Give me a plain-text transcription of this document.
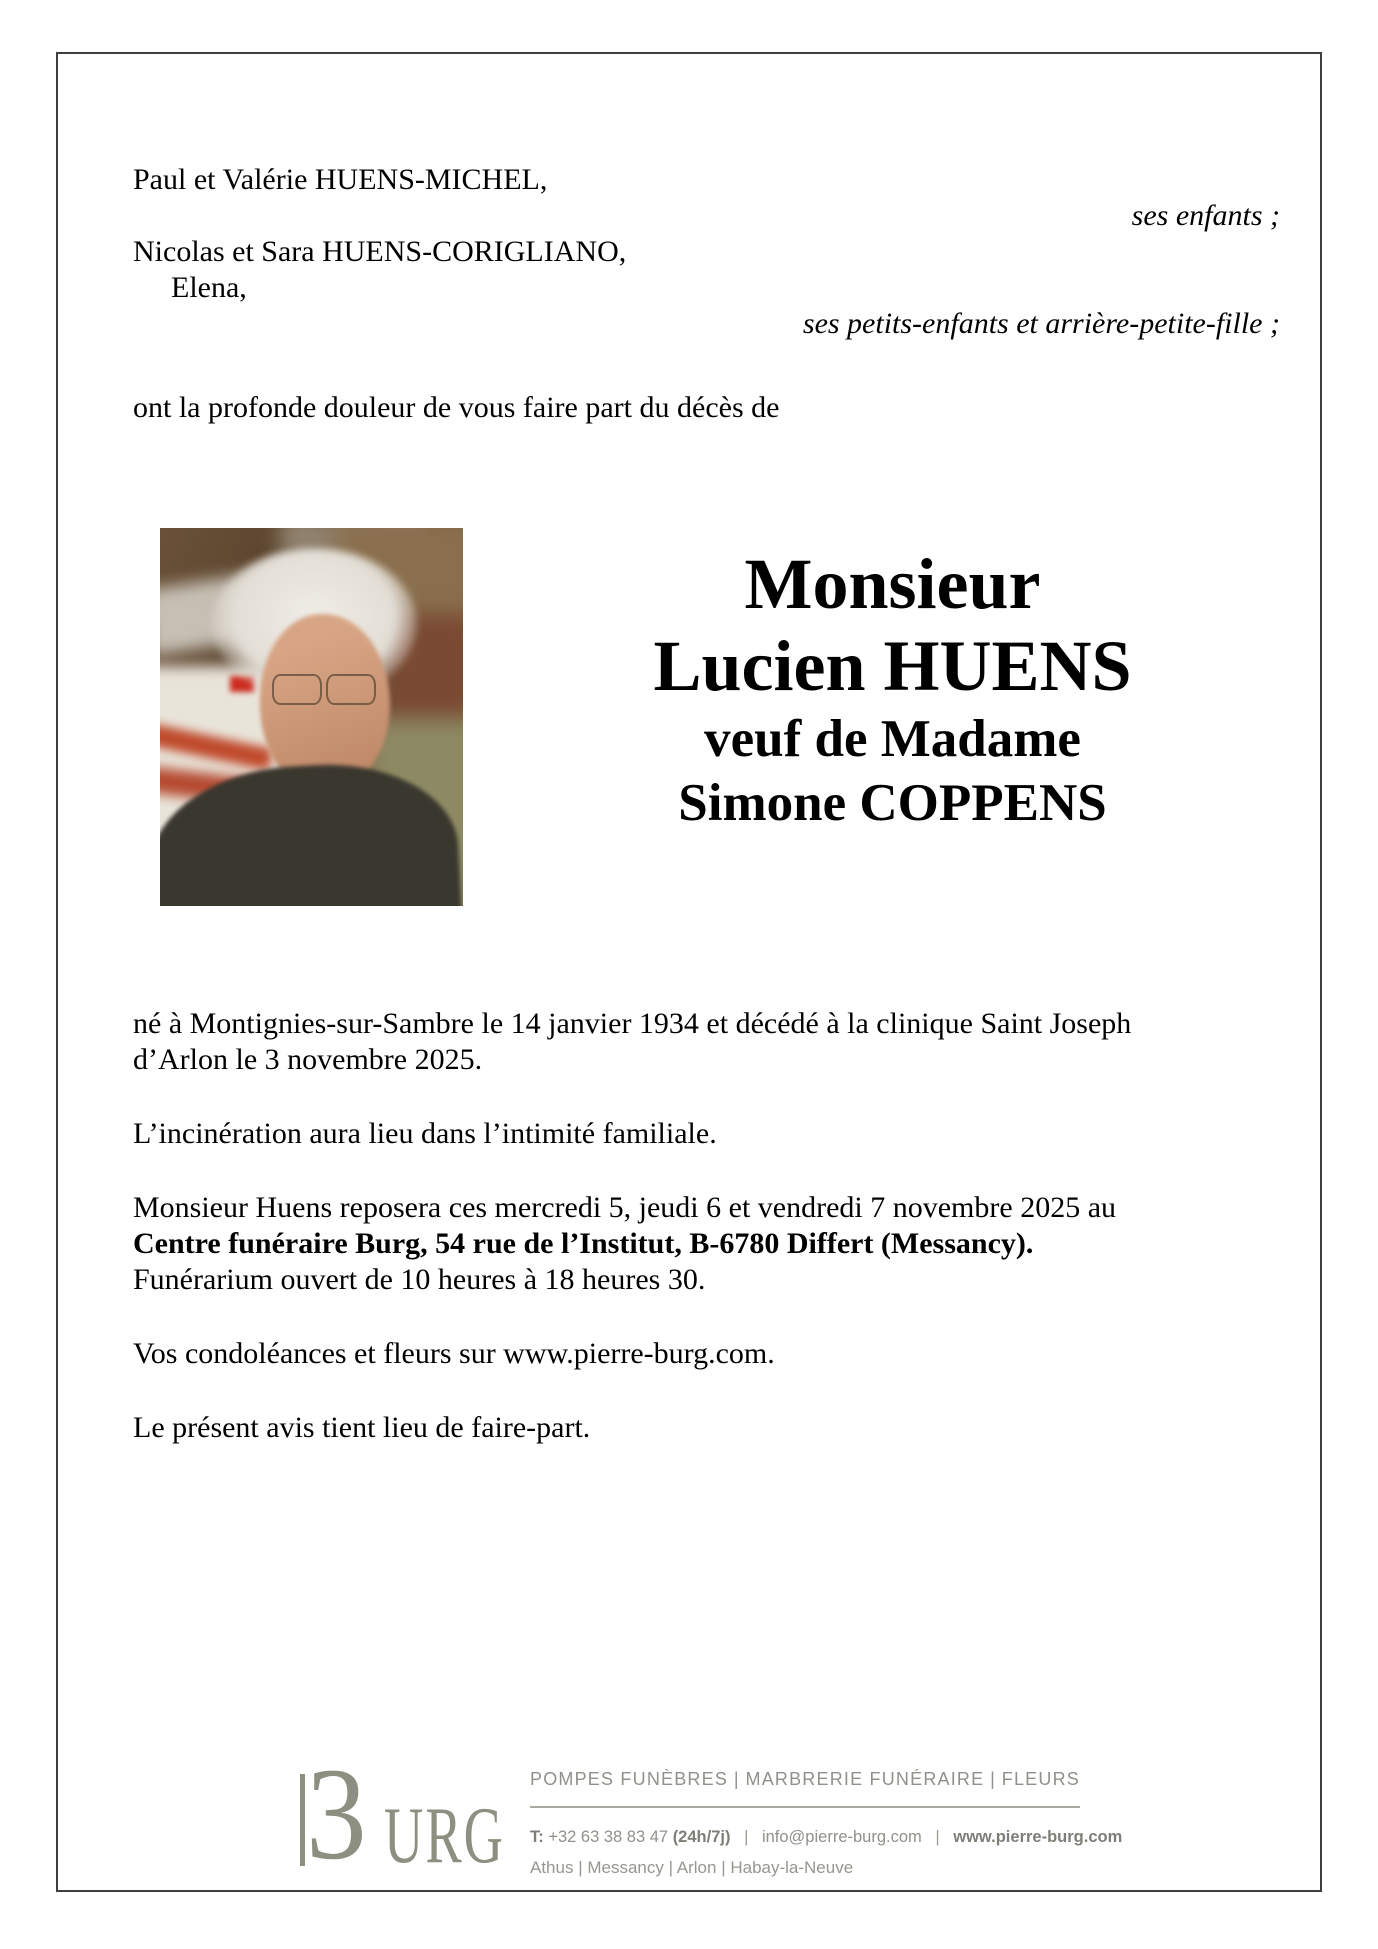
Paul et Valérie HUENS-MICHEL,
ses enfants ;
Nicolas et Sara HUENS-CORIGLIANO,
Elena,
ses petits-enfants et arrière-petite-fille ;
ont la profonde douleur de vous faire part du décès de
Monsieur
Lucien HUENS
veuf de Madame
Simone COPPENS
né à Montignies-sur-Sambre le 14 janvier 1934 et décédé à la clinique Saint Joseph
d’Arlon le 3 novembre 2025.
L’incinération aura lieu dans l’intimité familiale.
Monsieur Huens reposera ces mercredi 5, jeudi 6 et vendredi 7 novembre 2025 au
Centre funéraire Burg, 54 rue de l’Institut, B-6780 Differt (Messancy).
Funérarium ouvert de 10 heures à 18 heures 30.
Vos condoléances et fleurs sur www.pierre-burg.com.
Le présent avis tient lieu de faire-part.
3 URG
POMPES FUNÈBRES | MARBRERIE FUNÉRAIRE | FLEURS
T: +32 63 38 83 47 (24h/7j) | info@pierre-burg.com | www.pierre-burg.com
Athus | Messancy | Arlon | Habay-la-Neuve
